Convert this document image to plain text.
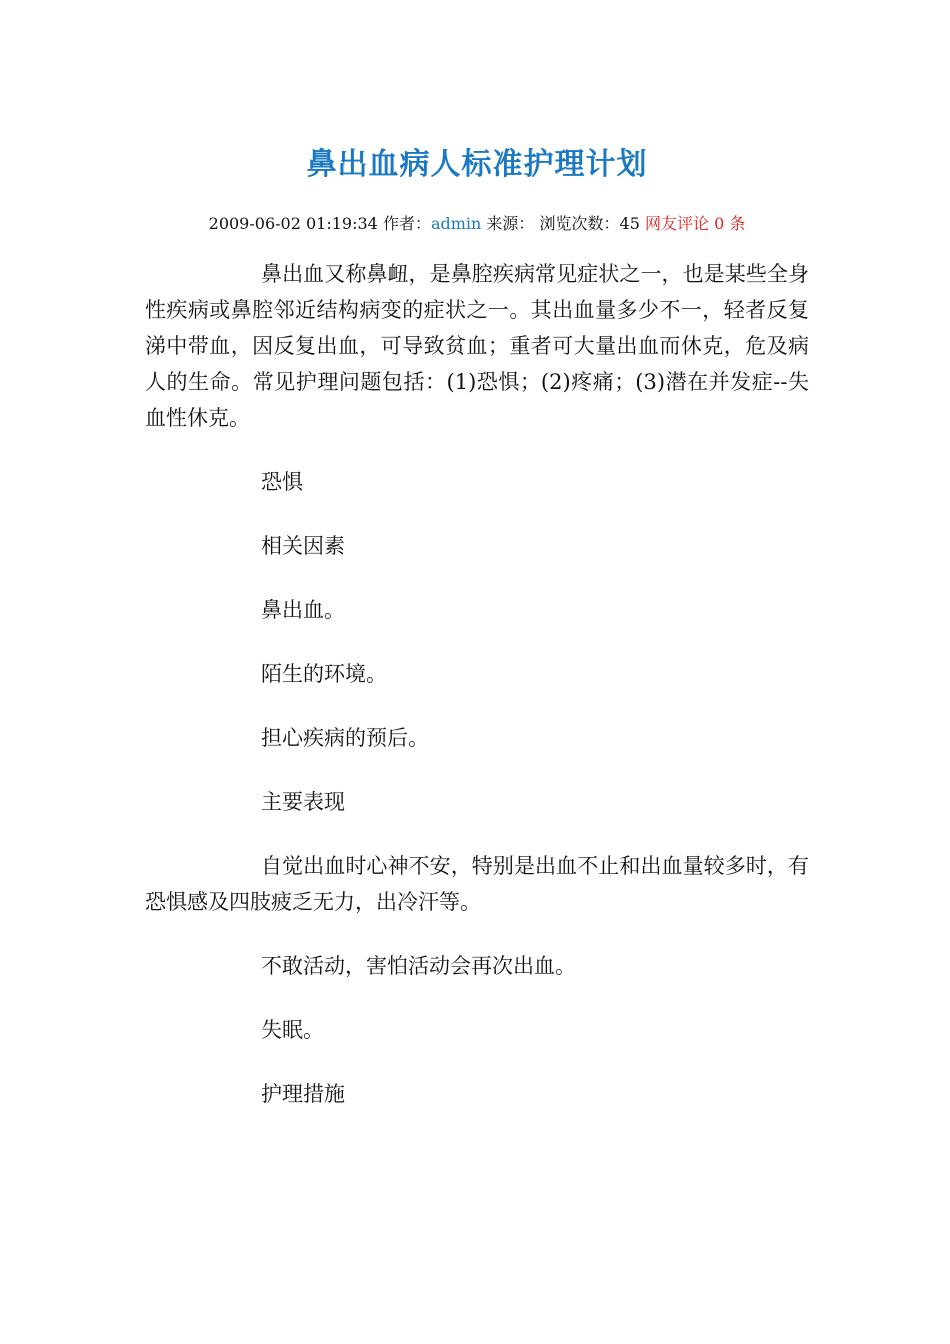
鼻出血病人标准护理计划
2009-06-02 01:19:34 作者：admin 来源： 浏览次数：45 网友评论 0 条

鼻出血又称鼻衄，是鼻腔疾病常见症状之一，也是某些全身性疾病或鼻腔邻近结构病变的症状之一。其出血量多少不一，轻者反复涕中带血，因反复出血，可导致贫血；重者可大量出血而休克，危及病人的生命。常见护理问题包括：(1)恐惧；(2)疼痛；(3)潜在并发症--失血性休克。

恐惧

相关因素

鼻出血。

陌生的环境。

担心疾病的预后。

主要表现

自觉出血时心神不安，特别是出血不止和出血量较多时，有恐惧感及四肢疲乏无力，出冷汗等。

不敢活动，害怕活动会再次出血。

失眠。

护理措施
